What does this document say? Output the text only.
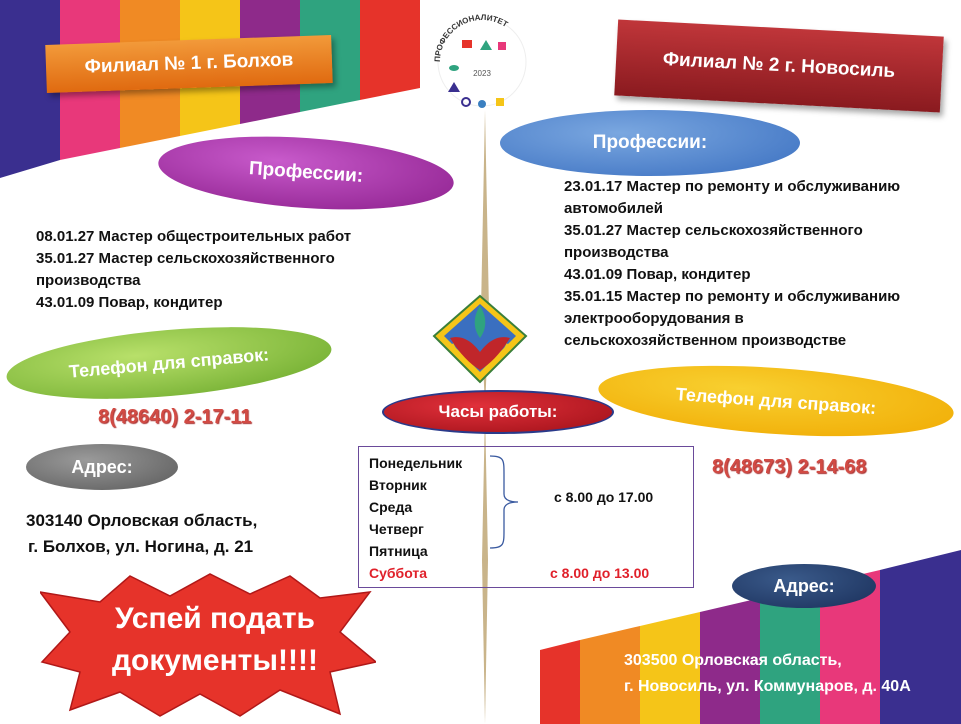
Филиал № 1 г. Болхов	Филиал № 2 г. Новосиль
2023
ПРОФЕССИОНАЛИТЕТ
Профессии:
Профессии:
08.01.27 Мастер общестроительных работ
35.01.27 Мастер сельскохозяйственного
производства
43.01.09 Повар, кондитер
23.01.17 Мастер по ремонту и обслуживанию
автомобилей
35.01.27 Мастер сельскохозяйственного
производства
43.01.09 Повар, кондитер
35.01.15 Мастер по ремонту и обслуживанию
электрооборудования в
сельскохозяйственном производстве
Телефон для справок:
8(48640) 2-17-11	Часы работы:	Телефон для справок:
8(48673) 2-14-68
Адрес:
303140 Орловская область,
г. Болхов, ул. Ногина, д. 21
Понедельник
Вторник
Среда
Четверг
Пятница
Суббота
с 8.00 до 17.00
с 8.00 до 13.00
Успей подать
документы!!!!
Адрес:
303500 Орловская область,
г. Новосиль, ул. Коммунаров, д. 40А
